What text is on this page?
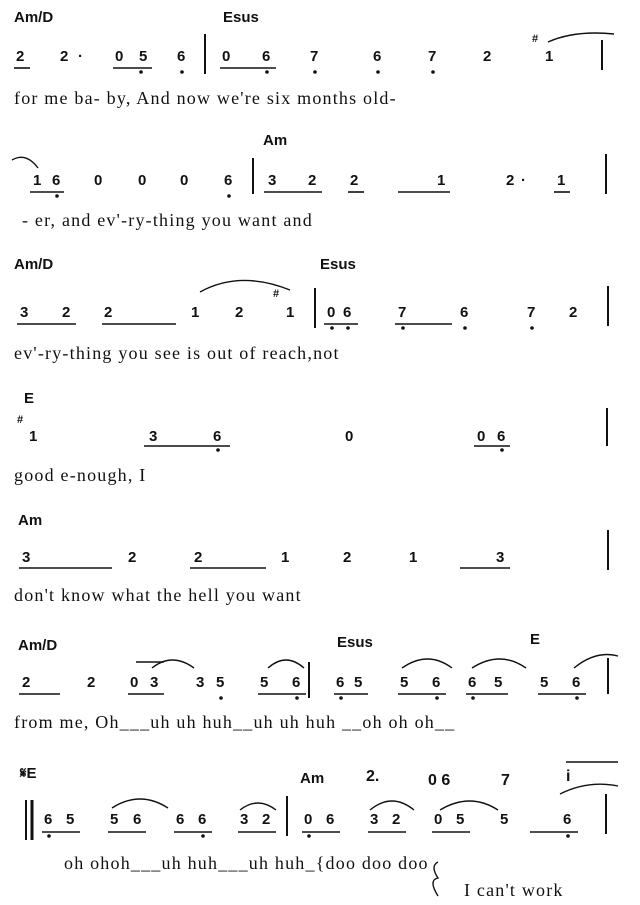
Am/D	Esus
2 2 · 0 5 6 0 6	7	6	7	2
#
1
for me ba- by, And now we're six months old-
Am
1 6 0 0 0 6 3 2 2	1	2 · 1
- er, and ev'-ry-thing you want and
Am/D	Esus
3 2 2	1 2
#
1 0 6	7	6	7 2
ev'-ry-thing you see is out of reach,not
E
#
1	3	6	0	0 6
good e-nough, I
Am
3	2	2	1	2	1	3
don't know what the hell you want
Am/D	Esus	E
2	2 0 3	3 5 5 6 6 5	5 6 6 5	5 6
from me, Oh___uh uh huh__uh uh huh __oh oh oh__
𝄋E	Am	2.	0 6	7	i
6 5 5 6 6 6 3 2 0 6 3 2 0 5 5	6
oh ohoh___uh huh___uh huh_{doo doo doo
I can't work
